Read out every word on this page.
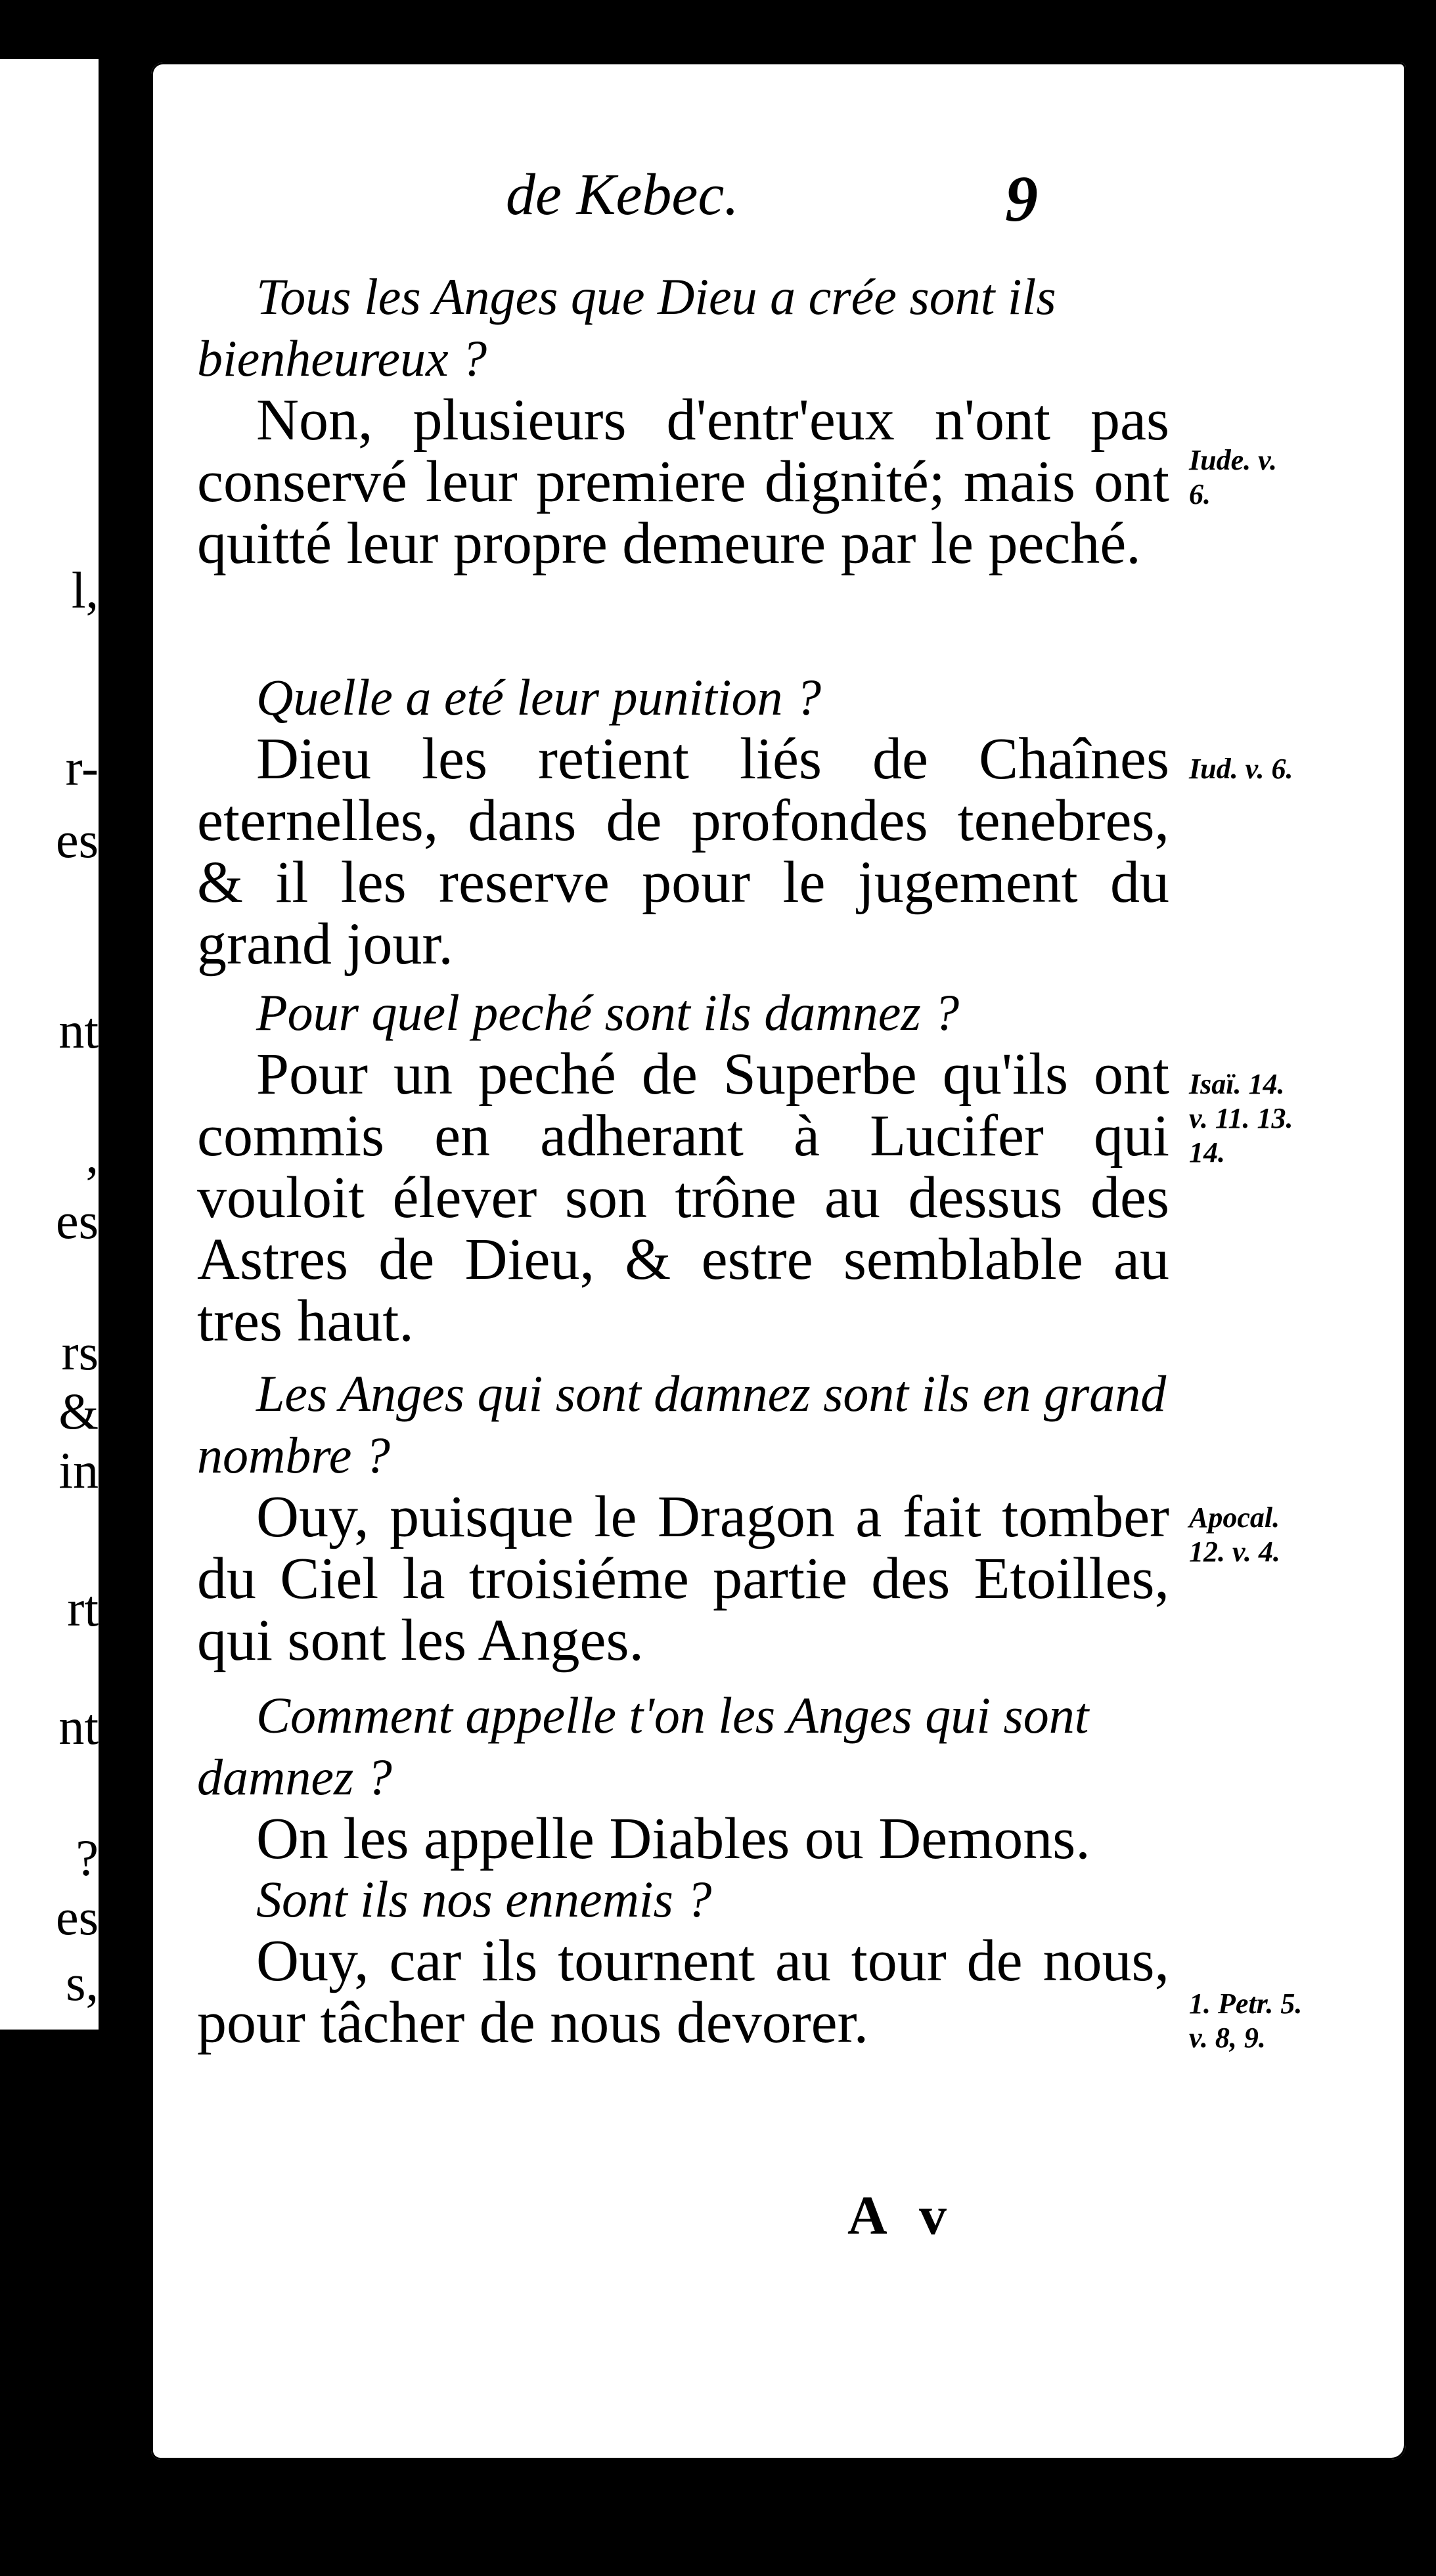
l,
r-
es
nt
,
es
rs
&
in
rt
nt
?
es
s,
c-
s.
de Kebec.	9

Tous les Anges que Dieu a crée sont ils bienheureux ?

Non, plusieurs d'entr'eux n'ont pas conservé leur premiere dignité; mais ont quitté leur propre demeure par le peché.

Iude. v.
6.

Quelle a eté leur punition ?

Dieu les retient liés de Chaînes eternelles, dans de profondes tenebres, & il les reserve pour le jugement du grand jour.

Iud. v. 6.

Pour quel peché sont ils damnez ?

Pour un peché de Superbe qu'ils ont commis en adherant à Lucifer qui vouloit élever son trône au dessus des Astres de Dieu, & estre semblable au tres haut.

Isaï. 14.
v. 11. 13.
14.

Les Anges qui sont damnez sont ils en grand nombre ?

Ouy, puisque le Dragon a fait tomber du Ciel la troisiéme partie des Etoilles, qui sont les Anges.

Apocal.
12. v. 4.

Comment appelle t'on les Anges qui sont damnez ?

On les appelle Diables ou Demons.

Sont ils nos ennemis ?

Ouy, car ils tournent au tour de nous, pour tâcher de nous devorer.	1. Petr. 5.
v. 8, 9.
A v
